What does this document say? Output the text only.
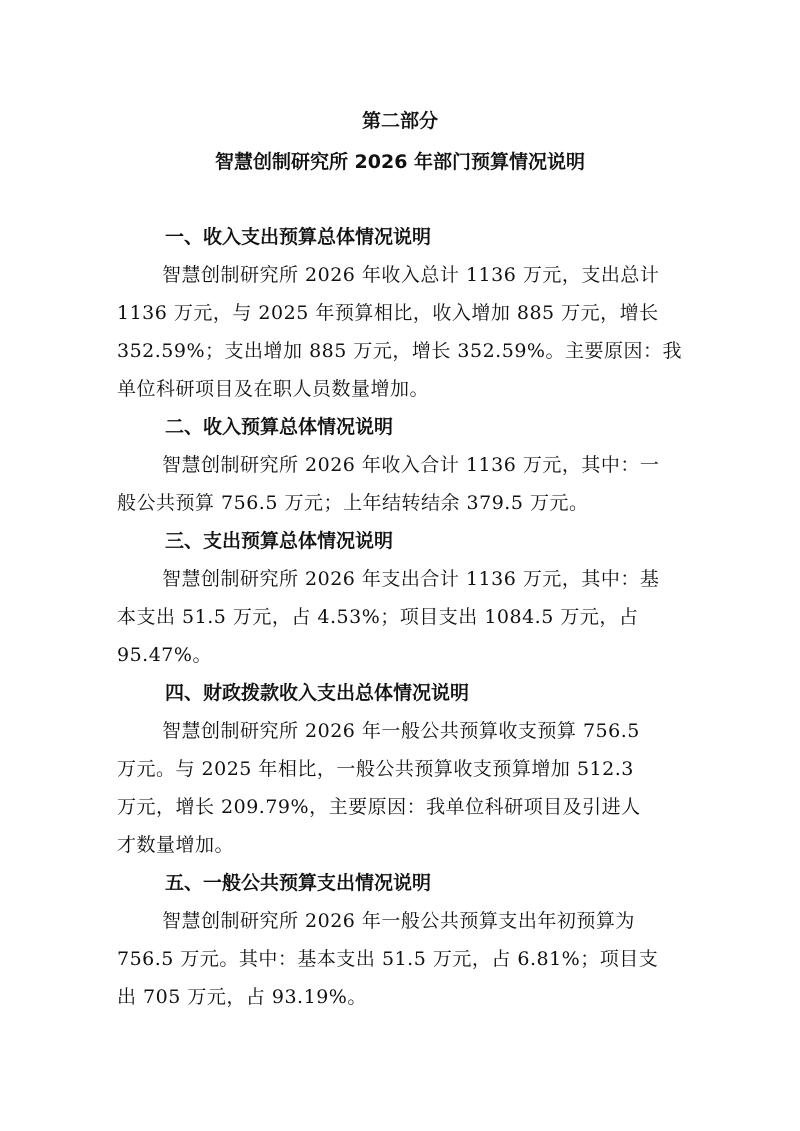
第二部分
智慧创制研究所 2026 年部门预算情况说明
一、收入支出预算总体情况说明
智慧创制研究所 2026 年收入总计 1136 万元，支出总计
1136 万元，与 2025 年预算相比，收入增加 885 万元，增长
352.59%；支出增加 885 万元，增长 352.59%。主要原因：我
单位科研项目及在职人员数量增加。
二、收入预算总体情况说明
智慧创制研究所 2026 年收入合计 1136 万元，其中：一
般公共预算 756.5 万元；上年结转结余 379.5 万元。
三、支出预算总体情况说明
智慧创制研究所 2026 年支出合计 1136 万元，其中：基
本支出 51.5 万元，占 4.53%；项目支出 1084.5 万元，占
95.47%。
四、财政拨款收入支出总体情况说明
智慧创制研究所 2026 年一般公共预算收支预算 756.5
万元。与 2025 年相比，一般公共预算收支预算增加 512.3
万元，增长 209.79%，主要原因：我单位科研项目及引进人
才数量增加。
五、一般公共预算支出情况说明
智慧创制研究所 2026 年一般公共预算支出年初预算为
756.5 万元。其中：基本支出 51.5 万元，占 6.81%；项目支
出 705 万元，占 93.19%。
